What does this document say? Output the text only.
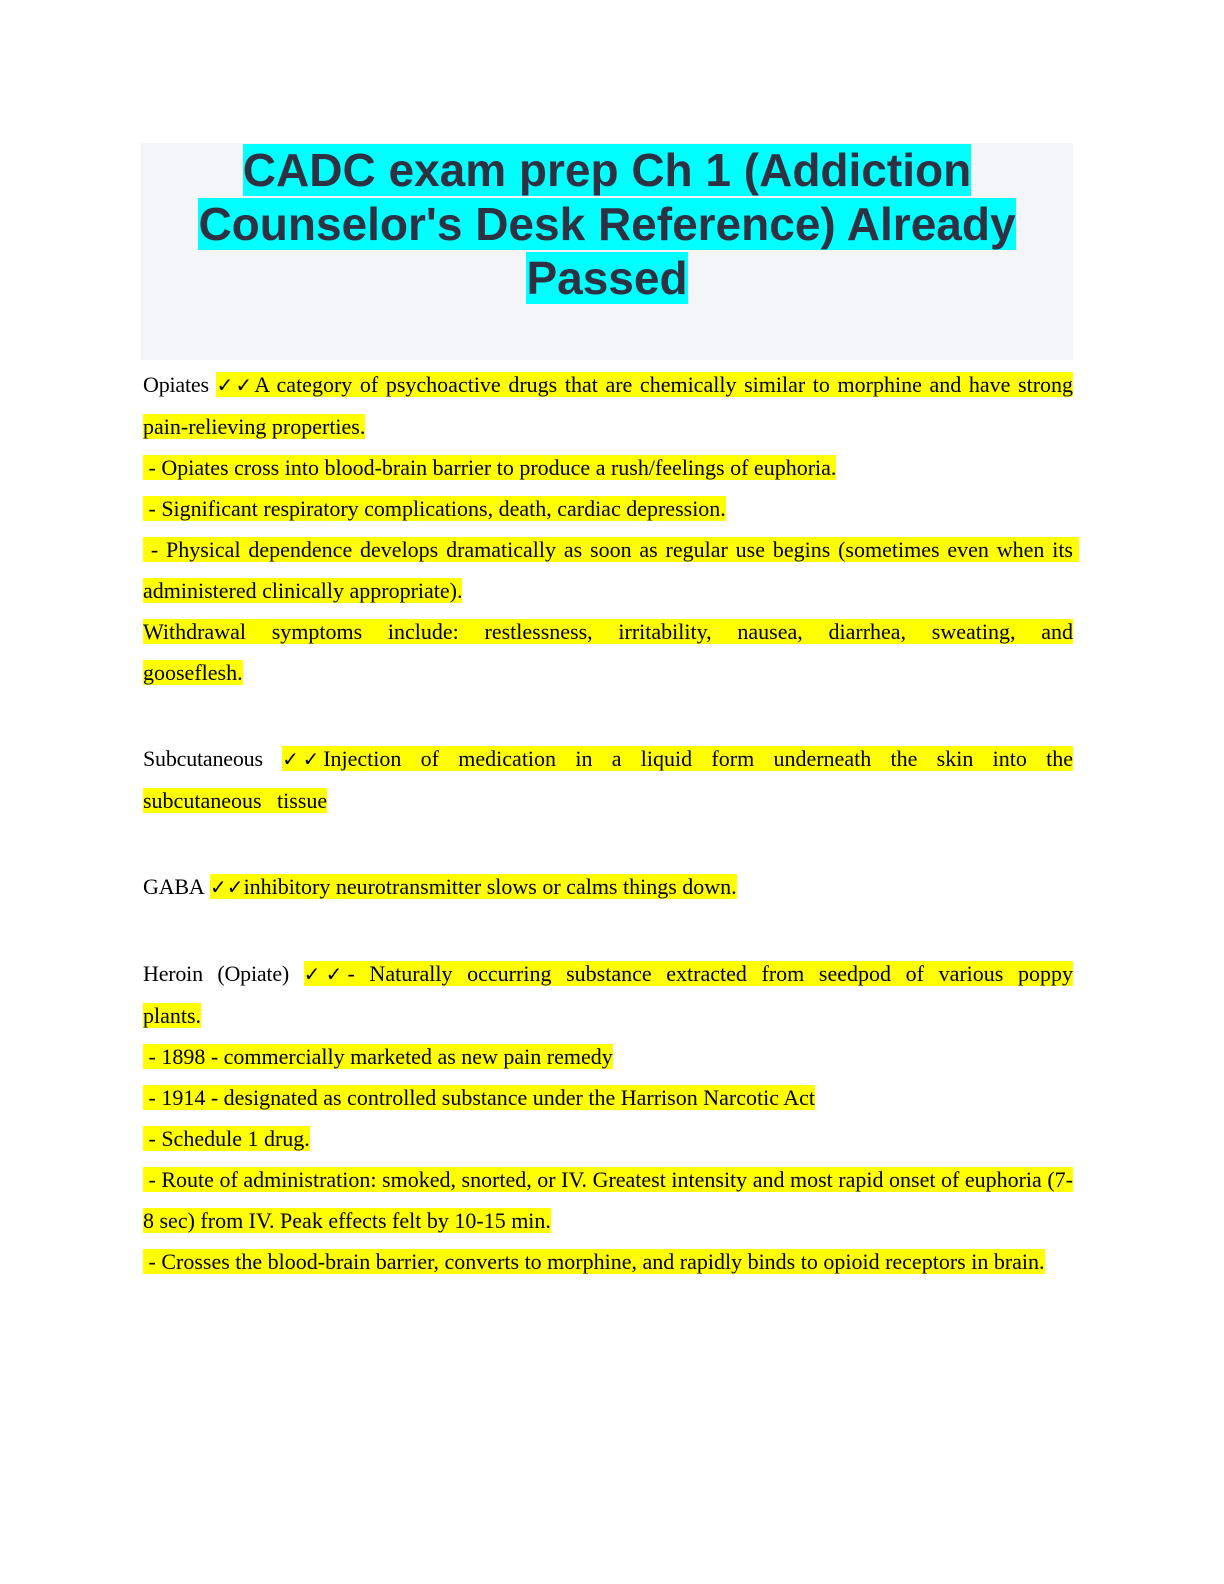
CADC exam prep Ch 1 (Addiction Counselor's Desk Reference) Already Passed
Opiates ✓✓A category of psychoactive drugs that are chemically similar to morphine and have strong pain-relieving properties.
- Opiates cross into blood-brain barrier to produce a rush/feelings of euphoria.
- Significant respiratory complications, death, cardiac depression.
- Physical dependence develops dramatically as soon as regular use begins (sometimes even when its administered clinically appropriate).
Withdrawal symptoms include: restlessness, irritability, nausea, diarrhea, sweating, and gooseflesh.
Subcutaneous ✓✓Injection of medication in a liquid form underneath the skin into the subcutaneous tissue
GABA ✓✓inhibitory neurotransmitter slows or calms things down.
Heroin (Opiate) ✓✓- Naturally occurring substance extracted from seedpod of various poppy plants.
- 1898 - commercially marketed as new pain remedy
- 1914 - designated as controlled substance under the Harrison Narcotic Act
- Schedule 1 drug.
- Route of administration: smoked, snorted, or IV. Greatest intensity and most rapid onset of euphoria (7-8 sec) from IV. Peak effects felt by 10-15 min.
- Crosses the blood-brain barrier, converts to morphine, and rapidly binds to opioid receptors in brain.
